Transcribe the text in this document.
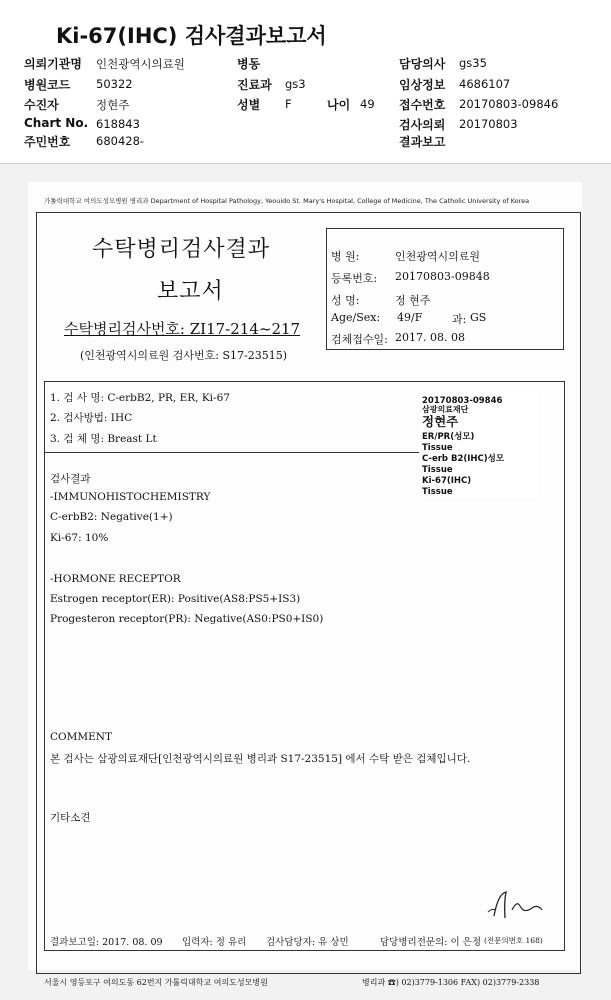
Ki-67(IHC) 검사결과보고서
의뢰기관명 인천광역시의료원	병동	담당의사 gs35
병원코드 50322	진료과 gs3	임상정보 4686107
수진자	정현주	성별 F	나이 49 접수번호 20170803-09846
Chart No. 618843	검사의뢰 20170803
주민번호 680428-	결과보고
가톨릭대학교 여의도성모병원 병리과 Department of Hospital Pathology, Yeouido St. Mary's Hospital, College of Medicine, The Catholic University of Korea
수탁병리검사결과
보고서
수탁병리검사번호: ZI17-214~217
(인천광역시의료원 검사번호: S17-23515)
병 원:	인천광역시의료원
등록번호: 20170803-09848
성 명:	정 현주
Age/Sex: 49/F	과: GS
검체접수일: 2017. 08. 08
1. 검 사 명: C-erbB2, PR, ER, Ki-67
2. 검사방법: IHC
3. 검 체 명: Breast Lt
20170803-09846
삼광의료재단
정현주
ER/PR(성모)
Tissue
C-erb B2(IHC)성모
Tissue
Ki-67(IHC)
Tissue
검사결과
-IMMUNOHISTOCHEMISTRY
C-erbB2: Negative(1+)
Ki-67: 10%
-HORMONE RECEPTOR
Estrogen receptor(ER): Positive(AS8:PS5+IS3)
Progesteron receptor(PR): Negative(AS0:PS0+IS0)
COMMENT
본 검사는 삼광의료재단[인천광역시의료원 병리과 S17-23515] 에서 수탁 받은 검체입니다.
기타소견
결과보고일: 2017. 08. 09 입력자: 정 유리 검사담당자: 유 상민	담당병리전문의: 이 은정 (전문의번호 168)
서울시 영등포구 여의도동 62번지 가톨릭대학교 여의도성모병원	병리과 ☎) 02)3779-1306 FAX) 02)3779-2338
